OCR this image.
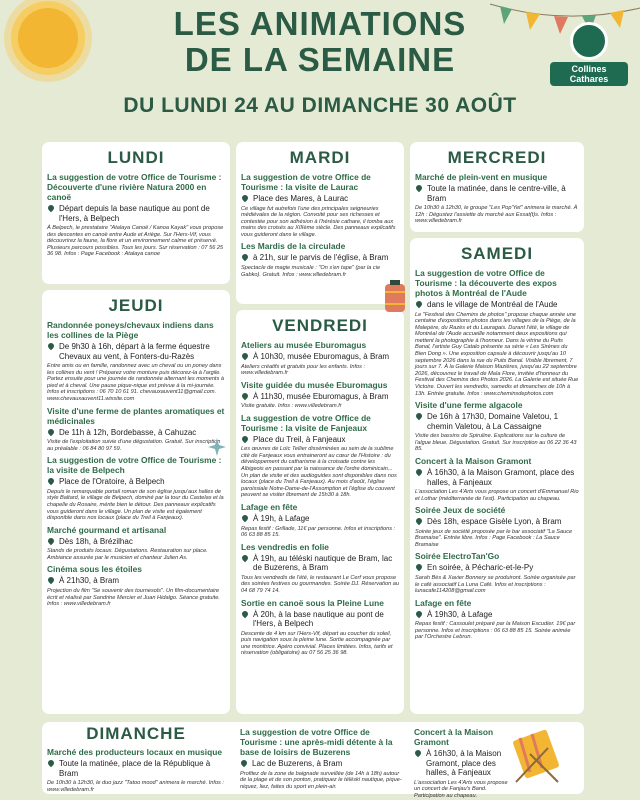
LES ANIMATIONS
DE LA SEMAINE	Collines
Cathares
DU LUNDI 24 AU DIMANCHE 30 AOÛT
LUNDI
La suggestion de votre Office de Tourisme : Découverte d'une rivière Natura 2000 en canoë
Départ depuis la base nautique au pont de l'Hers, à Belpech
À Belpech, le prestataire "Atalaya Canoë / Kanoa Kayak" vous propose des descentes en canoë entre Aude et Ariège. Sur l'Hers-Vif, vous découvrirez la faune, la flore et un environnement calme et préservé. Plusieurs parcours possibles. Tous les jours. Sur réservation : 07 56 25 36 98. Infos : Page Facebook : Atalaya canoe
MARDI
La suggestion de votre Office de Tourisme : la visite de Laurac
Place des Mares, à Laurac
Ce village fut autrefois l'une des principales seigneuries médiévales de la région. Convoité pour ses richesses et contestée pour son adhésion à l'hérésie cathare, il tomba aux mains des croisés au XIIIème siècle. Des panneaux explicatifs vous guideront dans le village.
Les Mardis de la circulade
à 21h, sur le parvis de l'église, à Bram
Spectacle de magie musicale : "On s'en tape" (par la cie Gabko). Gratuit. Infos : www.villedebram.fr
MERCREDI
Marché de plein-vent en musique
Toute la matinée, dans le centre-ville, à Bram
De 10h30 à 12h30, le groupe "Les Pop'Yet" animera le marché. À 12h : Dégustez l'assiette du marché aux Essat(t)s. Infos : www.villedebram.fr
JEUDI
Randonnée poneys/chevaux indiens dans les collines de la Piège
De 9h30 à 16h, départ à la ferme équestre Chevaux au vent, à Fonters-du-Razès
Entre amis ou en famille, randonnez avec un cheval ou un poney dans les collines du vent ! Préparez votre monture puis décorez-la à l'argile. Partez ensuite pour une journée de randonnée alternant les moments à pied et à cheval. Une pause pique-nique est prévue à la mi-journée. Infos et inscriptions : 06 70 10 61 91. chevauxauvent11@gmail.com. www.chevauxauvent11.wixsite.com
Visite d'une ferme de plantes aromatiques et médicinales
De 11h à 12h, Bordebasse, à Cahuzac
Visite de l'exploitation suivie d'une dégustation. Gratuit. Sur inscription au préalable : 06 84 80 97 59.
La suggestion de votre Office de Tourisme : la visite de Belpech
Place de l'Oratoire, à Belpech
Depuis le remarquable portail roman de son église jusqu'aux halles de style Baltard, le village de Belpech, dominé par la tour du Castelas et la chapelle du Rosaire, mérite bien le détour. Des panneaux explicatifs vous guideront dans le village. Un plan de visite est également disponible dans nos locaux (place du Treil à Fanjeaux).
Marché gourmand et artisanal
Dès 18h, à Brézilhac
Stands de produits locaux. Dégustations. Restauration sur place. Ambiance assurée par le musicien et chanteur Julien As.
Cinéma sous les étoiles
À 21h30, à Bram
Projection du film "Se souvenir des tournesols". Un film-documentaire écrit et réalisé par Sandrine Mercier et Juan Hidalgo. Séance gratuite. Infos : www.villedebram.fr
VENDREDI
Ateliers au musée Eburomagus
À 10h30, musée Eburomagus, à Bram
Ateliers créatifs et gratuits pour les enfants. Infos : www.villedebram.fr
Visite guidée du musée Eburomagus
À 11h30, musée Eburomagus, à Bram
Visite gratuite. Infos : www.villedebram.fr
La suggestion de votre Office de Tourisme : la visite de Fanjeaux
Place du Treil, à Fanjeaux
Les œuvres de Loïc Tellier disséminées au sein de la sublime cité de Fanjeaux vous entraineront au cœur de l'Histoire : du développement du catharisme à la croisade contre les Albigeois en passant par la naissance de l'ordre dominicain... Un plan de visite et des audioguides sont disponibles dans nos locaux (place du Treil à Fanjeaux). Au mois d'août, l'église paroissiale Notre-Dame-de-l'Assomption et l'église du couvent peuvent se visiter librement de 15h30 à 18h.
Lafage en fête
À 19h, à Lafage
Repas festif : Grillade, 11€ par personne. Infos et inscriptions : 06 63 88 85 15.
Les vendredis en folie
À 19h, au téléski nautique de Bram, lac de Buzerens, à Bram
Tous les vendredis de l'été, le restaurant Le Cerf vous propose des soirées festives ou gourmandes. Soirée DJ. Réservation au 04 68 79 74 14.
Sortie en canoë sous la Pleine Lune
À 20h, à la base nautique au pont de l'Hers, à Belpech
Descente de 4 km sur l'Hers-Vif, départ au coucher du soleil, puis navigation sous la pleine lune. Sortie accompagnée par une monitrice. Apéro convivial. Places limitées. Infos, tarifs et réservation (obligatoire) au 07 56 25 36 98.
SAMEDI
La suggestion de votre Office de Tourisme : la découverte des expos photos à Montréal de l'Aude
dans le village de Montréal de l'Aude
Le "Festival des Chemins de photos" propose chaque année une centaine d'expositions photos dans les villages de la Piège, de la Malepère, du Razès et du Lauragais. Durant l'été, le village de Montréal de l'Aude accueille notamment deux expositions qui mettent la photographie à l'honneur. Dans la vitrine du Puits Banal, l'artiste Guy Catalo présente sa série « Les Sirènes du Bien Dong ». Une exposition capsule à découvrir jusqu'au 10 septembre 2026 dans la rue du Puits Banal. Visible librement, 7 jours sur 7. À la Galerie Maison Mazières, jusqu'au 22 septembre 2026, découvrez le travail de Maïa Flore, invitée d'honneur du Festival des Chemins des Photos 2026. La Galerie est située Rue Victoire. Ouvert les vendredis, samedis et dimanches de 10h à 13h. Entrée gratuite. Infos : www.cheminsdephotos.com
Visite d'une ferme algacole
De 16h à 17h30, Domaine Valetou, 1 chemin Valetou, à La Cassaigne
Visite des bassins de Spiruline. Explications sur la culture de l'algue bleue. Dégustation. Gratuit. Sur inscription au 06 22 36 43 85.
Concert à la Maison Gramont
À 16h30, à la Maison Gramont, place des halles, à Fanjeaux
L'association Les 4'Arts vous propose un concert d'Emmanuel Rio et Lothar (méditerranée de l'est). Participation au chapeau.
Soirée Jeux de société
Dès 18h, espace Gisèle Lyon, à Bram
Soirée jeux de société proposée par le bar associatif "La Sauce Bramaise". Entrée libre. Infos : Page Facebook : La Sauce Bramaise
Soirée ElectroTan'Go
En soirée, à Pécharic-et-le-Py
Sarah Bès & Xavier Bonnery se produiront. Soirée organisée par le café associatif La Luna Café. Infos et inscriptions : lunacafe114208@gmail.com
Lafage en fête
À 19h30, à Lafage
Repas festif : Cassoulet préparé par la Maison Escudier. 19€ par personne. Infos et inscriptions : 06 63 88 85 15. Soirée animée par l'Orchestre Lebrun.
DIMANCHE
Marché des producteurs locaux en musique
Toute la matinée, place de la République à Bram
De 10h30 à 12h30, le duo jazz "Tatoo mood" animera le marché. Infos : www.villedebram.fr
La suggestion de votre Office de Tourisme : une après-midi détente à la base de loisirs de Buzerens
Lac de Buzerens, à Bram
Profitez de la zone de baignade surveillée (de 14h à 18h) autour de la plage et de son ponton, pratiquez le téléski nautique, pique-niquez, liez, faites du sport en plein-air.
Concert à la Maison Gramont
À 16h30, à la Maison Gramont, place des halles, à Fanjeaux
L'association Les 4'Arts vous propose un concert de Fanjau's Band. Participation au chapeau.
